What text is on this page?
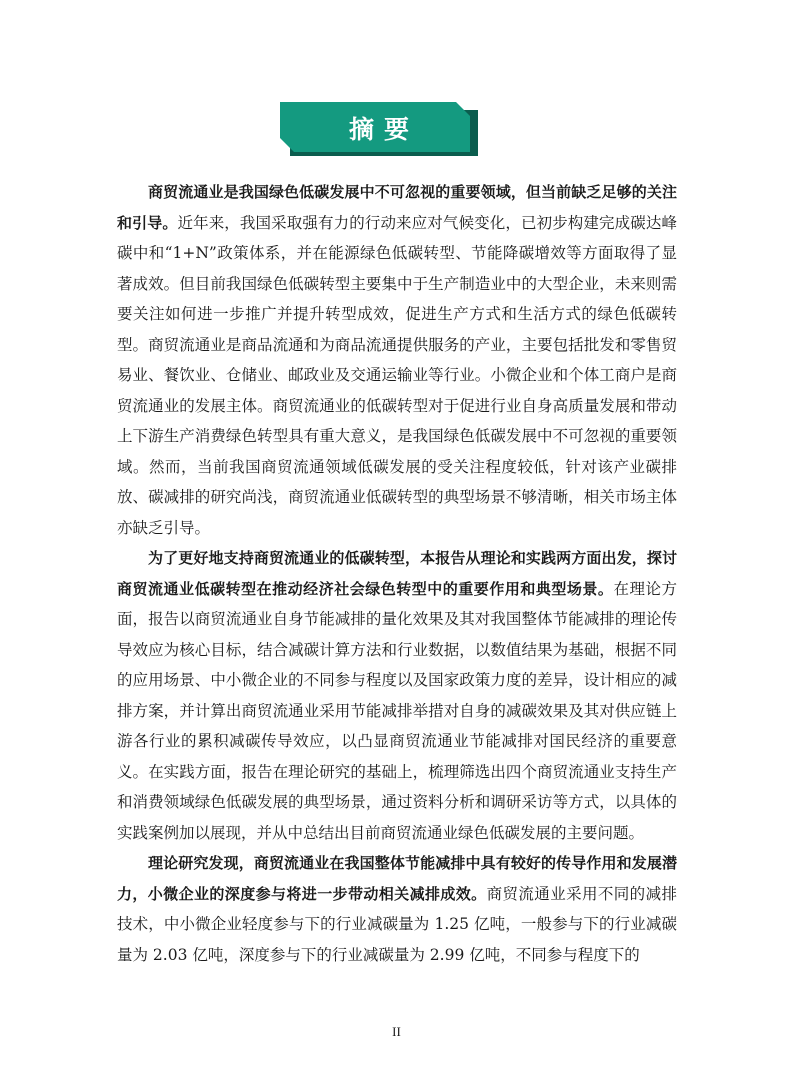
摘要

商贸流通业是我国绿色低碳发展中不可忽视的重要领域，但当前缺乏足够的关注和引导。近年来，我国采取强有力的行动来应对气候变化，已初步构建完成碳达峰碳中和“1+N”政策体系，并在能源绿色低碳转型、节能降碳增效等方面取得了显著成效。但目前我国绿色低碳转型主要集中于生产制造业中的大型企业，未来则需要关注如何进一步推广并提升转型成效，促进生产方式和生活方式的绿色低碳转型。商贸流通业是商品流通和为商品流通提供服务的产业，主要包括批发和零售贸易业、餐饮业、仓储业、邮政业及交通运输业等行业。小微企业和个体工商户是商贸流通业的发展主体。商贸流通业的低碳转型对于促进行业自身高质量发展和带动上下游生产消费绿色转型具有重大意义，是我国绿色低碳发展中不可忽视的重要领域。然而，当前我国商贸流通领域低碳发展的受关注程度较低，针对该产业碳排放、碳减排的研究尚浅，商贸流通业低碳转型的典型场景不够清晰，相关市场主体亦缺乏引导。

为了更好地支持商贸流通业的低碳转型，本报告从理论和实践两方面出发，探讨商贸流通业低碳转型在推动经济社会绿色转型中的重要作用和典型场景。在理论方面，报告以商贸流通业自身节能减排的量化效果及其对我国整体节能减排的理论传导效应为核心目标，结合减碳计算方法和行业数据，以数值结果为基础，根据不同的应用场景、中小微企业的不同参与程度以及国家政策力度的差异，设计相应的减排方案，并计算出商贸流通业采用节能减排举措对自身的减碳效果及其对供应链上游各行业的累积减碳传导效应，以凸显商贸流通业节能减排对国民经济的重要意义。在实践方面，报告在理论研究的基础上，梳理筛选出四个商贸流通业支持生产和消费领域绿色低碳发展的典型场景，通过资料分析和调研采访等方式，以具体的实践案例加以展现，并从中总结出目前商贸流通业绿色低碳发展的主要问题。

理论研究发现，商贸流通业在我国整体节能减排中具有较好的传导作用和发展潜力，小微企业的深度参与将进一步带动相关减排成效。商贸流通业采用不同的减排技术，中小微企业轻度参与下的行业减碳量为 1.25 亿吨，一般参与下的行业减碳量为 2.03 亿吨，深度参与下的行业减碳量为 2.99 亿吨，不同参与程度下的

II
